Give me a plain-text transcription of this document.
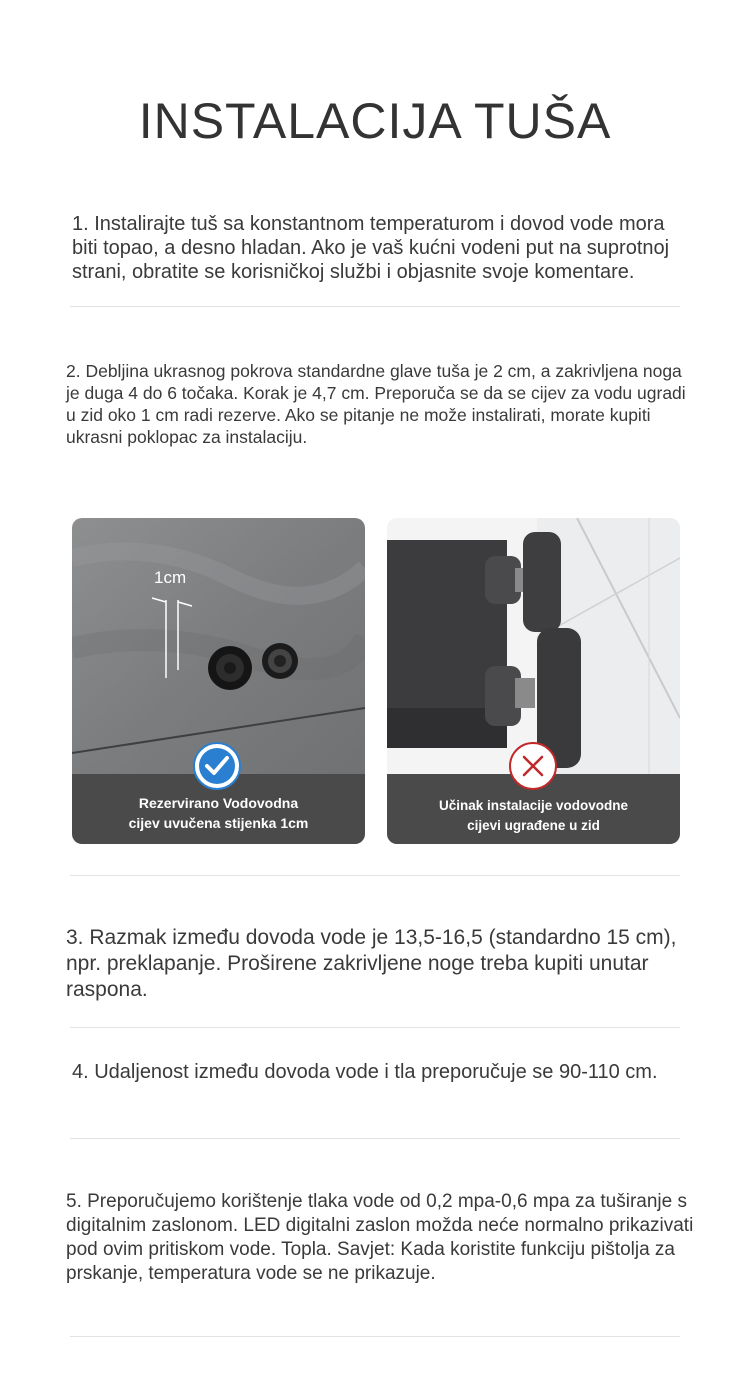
INSTALACIJA TUŠA
1. Instalirajte tuš sa konstantnom temperaturom i dovod vode mora biti topao, a desno hladan. Ako je vaš kućni vodeni put na suprotnoj strani, obratite se korisničkoj službi i objasnite svoje komentare.
2. Debljina ukrasnog pokrova standardne glave tuša je 2 cm, a zakrivljena noga je duga 4 do 6 točaka. Korak je 4,7 cm. Preporuča se da se cijev za vodu ugradi u zid oko 1 cm radi rezerve. Ako se pitanje ne može instalirati, morate kupiti ukrasni poklopac za instalaciju.
1cm
Rezervirano Vodovodna
cijev uvučena stijenka 1cm
Učinak instalacije vodovodne
cijevi ugrađene u zid
3. Razmak između dovoda vode je 13,5-16,5 (standardno 15 cm), npr. preklapanje. Proširene zakrivljene noge treba kupiti unutar raspona.
4. Udaljenost između dovoda vode i tla preporučuje se 90-110 cm.
5. Preporučujemo korištenje tlaka vode od 0,2 mpa-0,6 mpa za tuširanje s digitalnim zaslonom. LED digitalni zaslon možda neće normalno prikazivati pod ovim pritiskom vode. Topla. Savjet: Kada koristite funkciju pištolja za prskanje, temperatura vode se ne prikazuje.
